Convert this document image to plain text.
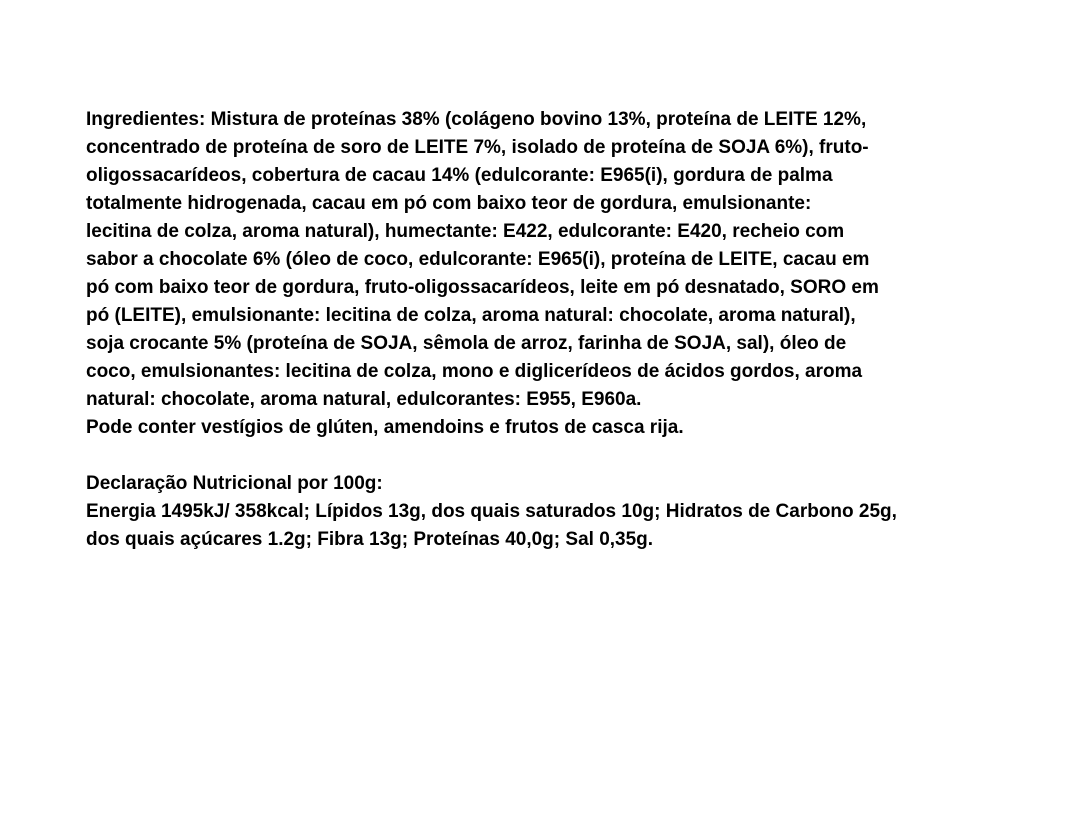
Ingredientes: Mistura de proteínas 38% (colágeno bovino 13%, proteína de LEITE 12%,
concentrado de proteína de soro de LEITE 7%, isolado de proteína de SOJA 6%), fruto-
oligossacarídeos, cobertura de cacau 14% (edulcorante: E965(i), gordura de palma
totalmente hidrogenada, cacau em pó com baixo teor de gordura, emulsionante:
lecitina de colza, aroma natural), humectante: E422, edulcorante: E420, recheio com
sabor a chocolate 6% (óleo de coco, edulcorante: E965(i), proteína de LEITE, cacau em
pó com baixo teor de gordura, fruto-oligossacarídeos, leite em pó desnatado, SORO em
pó (LEITE), emulsionante: lecitina de colza, aroma natural: chocolate, aroma natural),
soja crocante 5% (proteína de SOJA, sêmola de arroz, farinha de SOJA, sal), óleo de
coco, emulsionantes: lecitina de colza, mono e diglicerídeos de ácidos gordos, aroma
natural: chocolate, aroma natural, edulcorantes: E955, E960a.
Pode conter vestígios de glúten, amendoins e frutos de casca rija.
Declaração Nutricional por 100g:
Energia 1495kJ/ 358kcal; Lípidos 13g, dos quais saturados 10g; Hidratos de Carbono 25g,
dos quais açúcares 1.2g; Fibra 13g; Proteínas 40,0g; Sal 0,35g.
